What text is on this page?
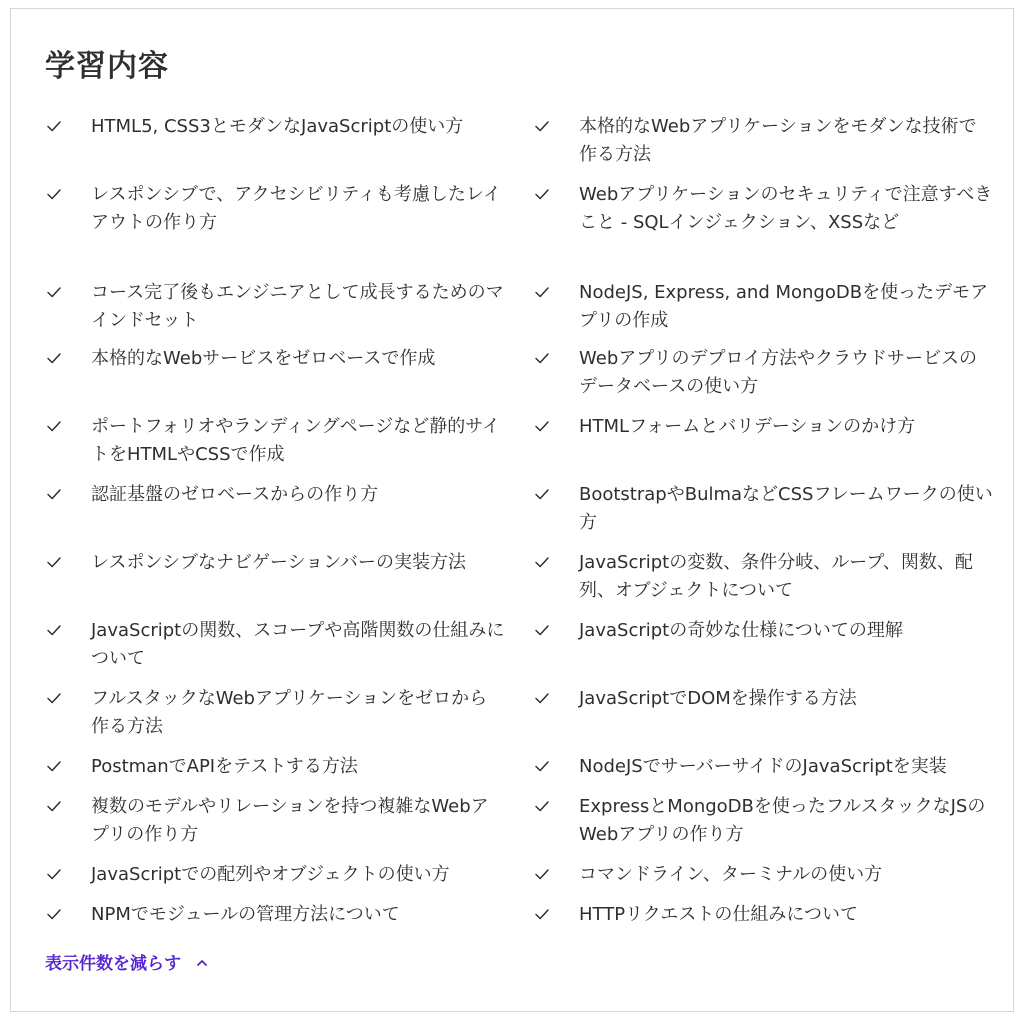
学習内容
HTML5, CSS3とモダンなJavaScriptの使い方
レスポンシブで、アクセシビリティも考慮したレイアウトの作り方
コース完了後もエンジニアとして成長するためのマインドセット
本格的なWebサービスをゼロベースで作成
ポートフォリオやランディングページなど静的サイトをHTMLやCSSで作成
認証基盤のゼロベースからの作り方
レスポンシブなナビゲーションバーの実装方法
JavaScriptの関数、スコープや高階関数の仕組みについて
フルスタックなWebアプリケーションをゼロから作る方法
PostmanでAPIをテストする方法
複数のモデルやリレーションを持つ複雑なWebアプリの作り方
JavaScriptでの配列やオブジェクトの使い方
NPMでモジュールの管理方法について
本格的なWebアプリケーションをモダンな技術で作る方法
Webアプリケーションのセキュリティで注意すべきこと - SQLインジェクション、XSSなど
NodeJS, Express, and MongoDBを使ったデモアプリの作成
Webアプリのデプロイ方法やクラウドサービスのデータベースの使い方
HTMLフォームとバリデーションのかけ方
BootstrapやBulmaなどCSSフレームワークの使い方
JavaScriptの変数、条件分岐、ループ、関数、配列、オブジェクトについて
JavaScriptの奇妙な仕様についての理解
JavaScriptでDOMを操作する方法
NodeJSでサーバーサイドのJavaScriptを実装
ExpressとMongoDBを使ったフルスタックなJSのWebアプリの作り方
コマンドライン、ターミナルの使い方
HTTPリクエストの仕組みについて
表示件数を減らす
